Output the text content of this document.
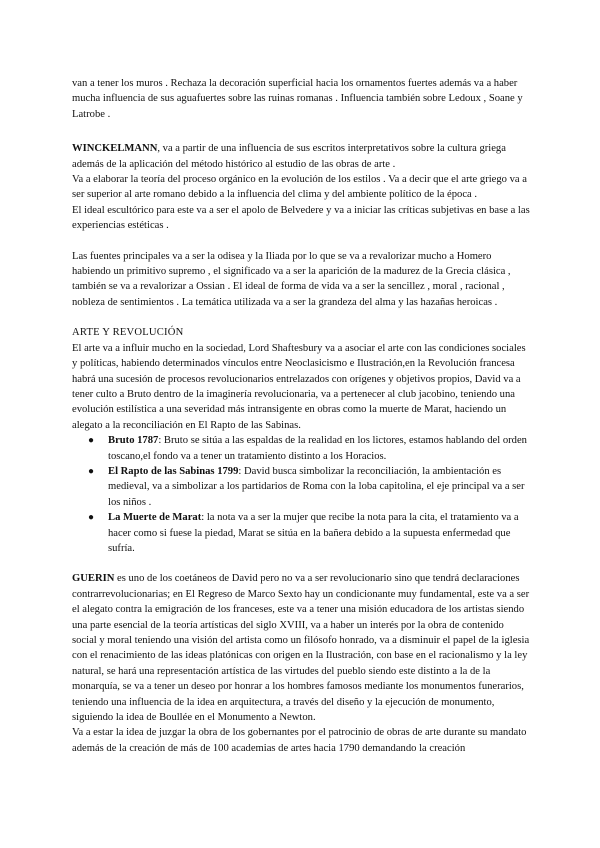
van a tener los muros . Rechaza la decoración superficial hacia los ornamentos fuertes además va a haber mucha influencia de sus aguafuertes sobre las ruinas romanas . Influencia también sobre Ledoux , Soane y Latrobe .

WINCKELMANN, va a partir de una influencia de sus escritos interpretativos sobre la cultura griega además de la aplicación del método histórico al estudio de las obras de arte .

Va a elaborar la teoría del proceso orgánico en la evolución de los estilos . Va a decir que el arte griego va a ser superior al arte romano debido a la influencia del clima y del ambiente político de la época .

El ideal escultórico para este va a ser el apolo de Belvedere y va a iniciar las críticas subjetivas en base a las experiencias estéticas .

Las fuentes principales va a ser la odisea y la Iliada por lo que se va a revalorizar mucho a Homero habiendo un primitivo supremo , el significado va a ser la aparición de la madurez de la Grecia clásica , también se va a revalorizar a Ossian . El ideal de forma de vida va a ser la sencillez , moral , racional , nobleza de sentimientos . La temática utilizada va a ser la grandeza del alma y las hazañas heroicas .

ARTE Y REVOLUCIÓN

El arte va a influir mucho en la sociedad, Lord Shaftesbury va a asociar el arte con las condiciones sociales y políticas, habiendo determinados vínculos entre Neoclasicismo e Ilustración,en la Revolución francesa habrá una sucesión de procesos revolucionarios entrelazados con orígenes y objetivos propios, David va a tener culto a Bruto dentro de la imaginería revolucionaria, va a pertenecer al club jacobino, teniendo una evolución estilística a una severidad más intransigente en obras como la muerte de Marat, haciendo un alegato a la reconciliación en El Rapto de las Sabinas.

● Bruto 1787: Bruto se sitúa a las espaldas de la realidad en los lictores, estamos hablando del orden toscano,el fondo va a tener un tratamiento distinto a los Horacios.
● El Rapto de las Sabinas 1799: David busca simbolizar la reconciliación, la ambientación es medieval, va a simbolizar a los partidarios de Roma con la loba capitolina, el eje principal va a ser los niños .
● La Muerte de Marat: la nota va a ser la mujer que recibe la nota para la cita, el tratamiento va a hacer como si fuese la piedad, Marat se sitúa en la bañera debido a la supuesta enfermedad que sufría.

GUERIN es uno de los coetáneos de David pero no va a ser revolucionario sino que tendrá declaraciones contrarrevolucionarias; en El Regreso de Marco Sexto hay un condicionante muy fundamental, este va a ser el alegato contra la emigración de los franceses, este va a tener una misión educadora de los artistas siendo una parte esencial de la teoría artísticas del siglo XVIII, va a haber un interés por la obra de contenido social y moral teniendo una visión del artista como un filósofo honrado, va a disminuir el papel de la iglesia con el renacimiento de las ideas platónicas con origen en la Ilustración, con base en el racionalismo y la ley natural, se hará una representación artística de las virtudes del pueblo siendo este distinto a la de la monarquía, se va a tener un deseo por honrar a los hombres famosos mediante los monumentos funerarios, teniendo una influencia de la idea en arquitectura, a través del diseño y la ejecución de monumento, siguiendo la idea de Boullée en el Monumento a Newton.

Va a estar la idea de juzgar la obra de los gobernantes por el patrocinio de obras de arte durante su mandato además de la creación de más de 100 academias de artes hacia 1790 demandando la creación
